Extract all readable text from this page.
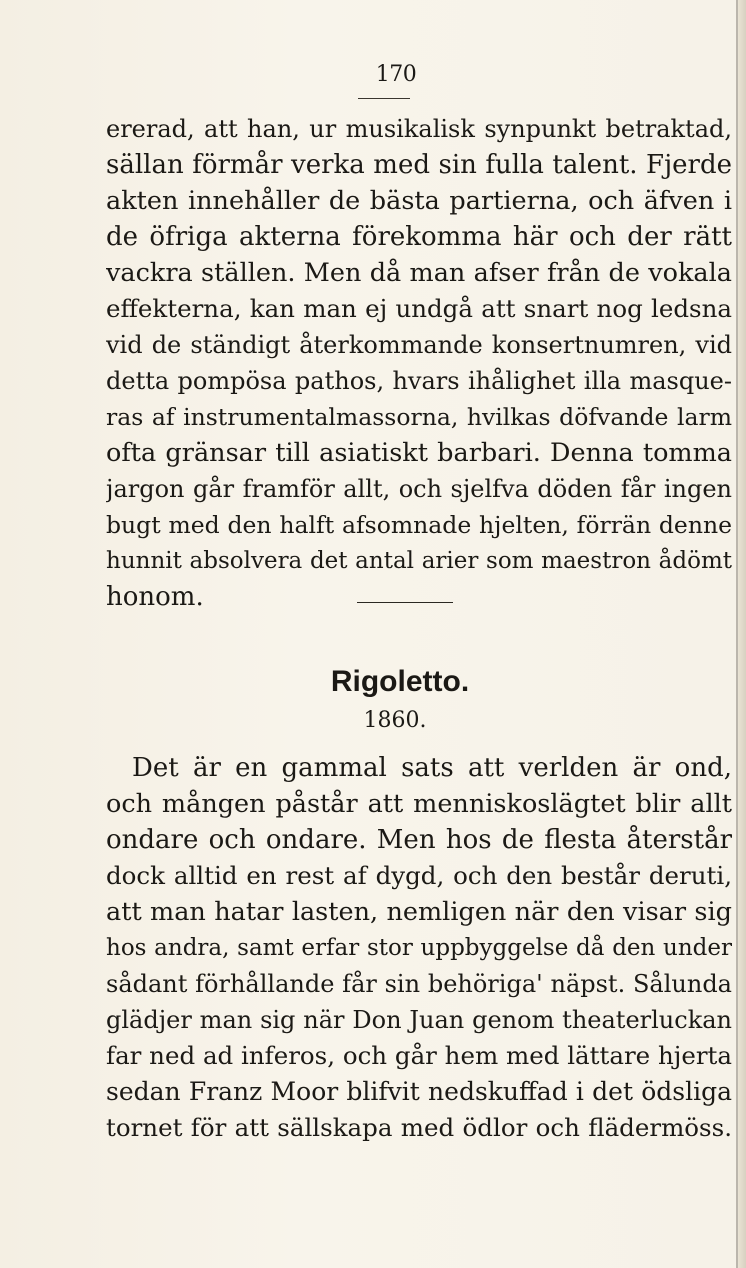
170
ererad, att han, ur musikalisk synpunkt betraktad,
sällan förmår verka med sin fulla talent. Fjerde
akten innehåller de bästa partierna, och äfven i
de öfriga akterna förekomma här och der rätt
vackra ställen. Men då man afser från de vokala
effekterna, kan man ej undgå att snart nog ledsna
vid de ständigt återkommande konsertnumren, vid
detta pompösa pathos, hvars ihålighet illa masque-
ras af instrumentalmassorna, hvilkas döfvande larm
ofta gränsar till asiatiskt barbari. Denna tomma
jargon går framför allt, och sjelfva döden får ingen
bugt med den halft afsomnade hjelten, förrän denne
hunnit absolvera det antal arier som maestron ådömt
honom.
Rigoletto.
1860.
Det är en gammal sats att verlden är ond,
och mången påstår att menniskoslägtet blir allt
ondare och ondare. Men hos de flesta återstår
dock alltid en rest af dygd, och den består deruti,
att man hatar lasten, nemligen när den visar sig
hos andra, samt erfar stor uppbyggelse då den under
sådant förhållande får sin behöriga' näpst. Sålunda
glädjer man sig när Don Juan genom theaterluckan
far ned ad inferos, och går hem med lättare hjerta
sedan Franz Moor blifvit nedskuffad i det ödsliga
tornet för att sällskapa med ödlor och flädermöss.
